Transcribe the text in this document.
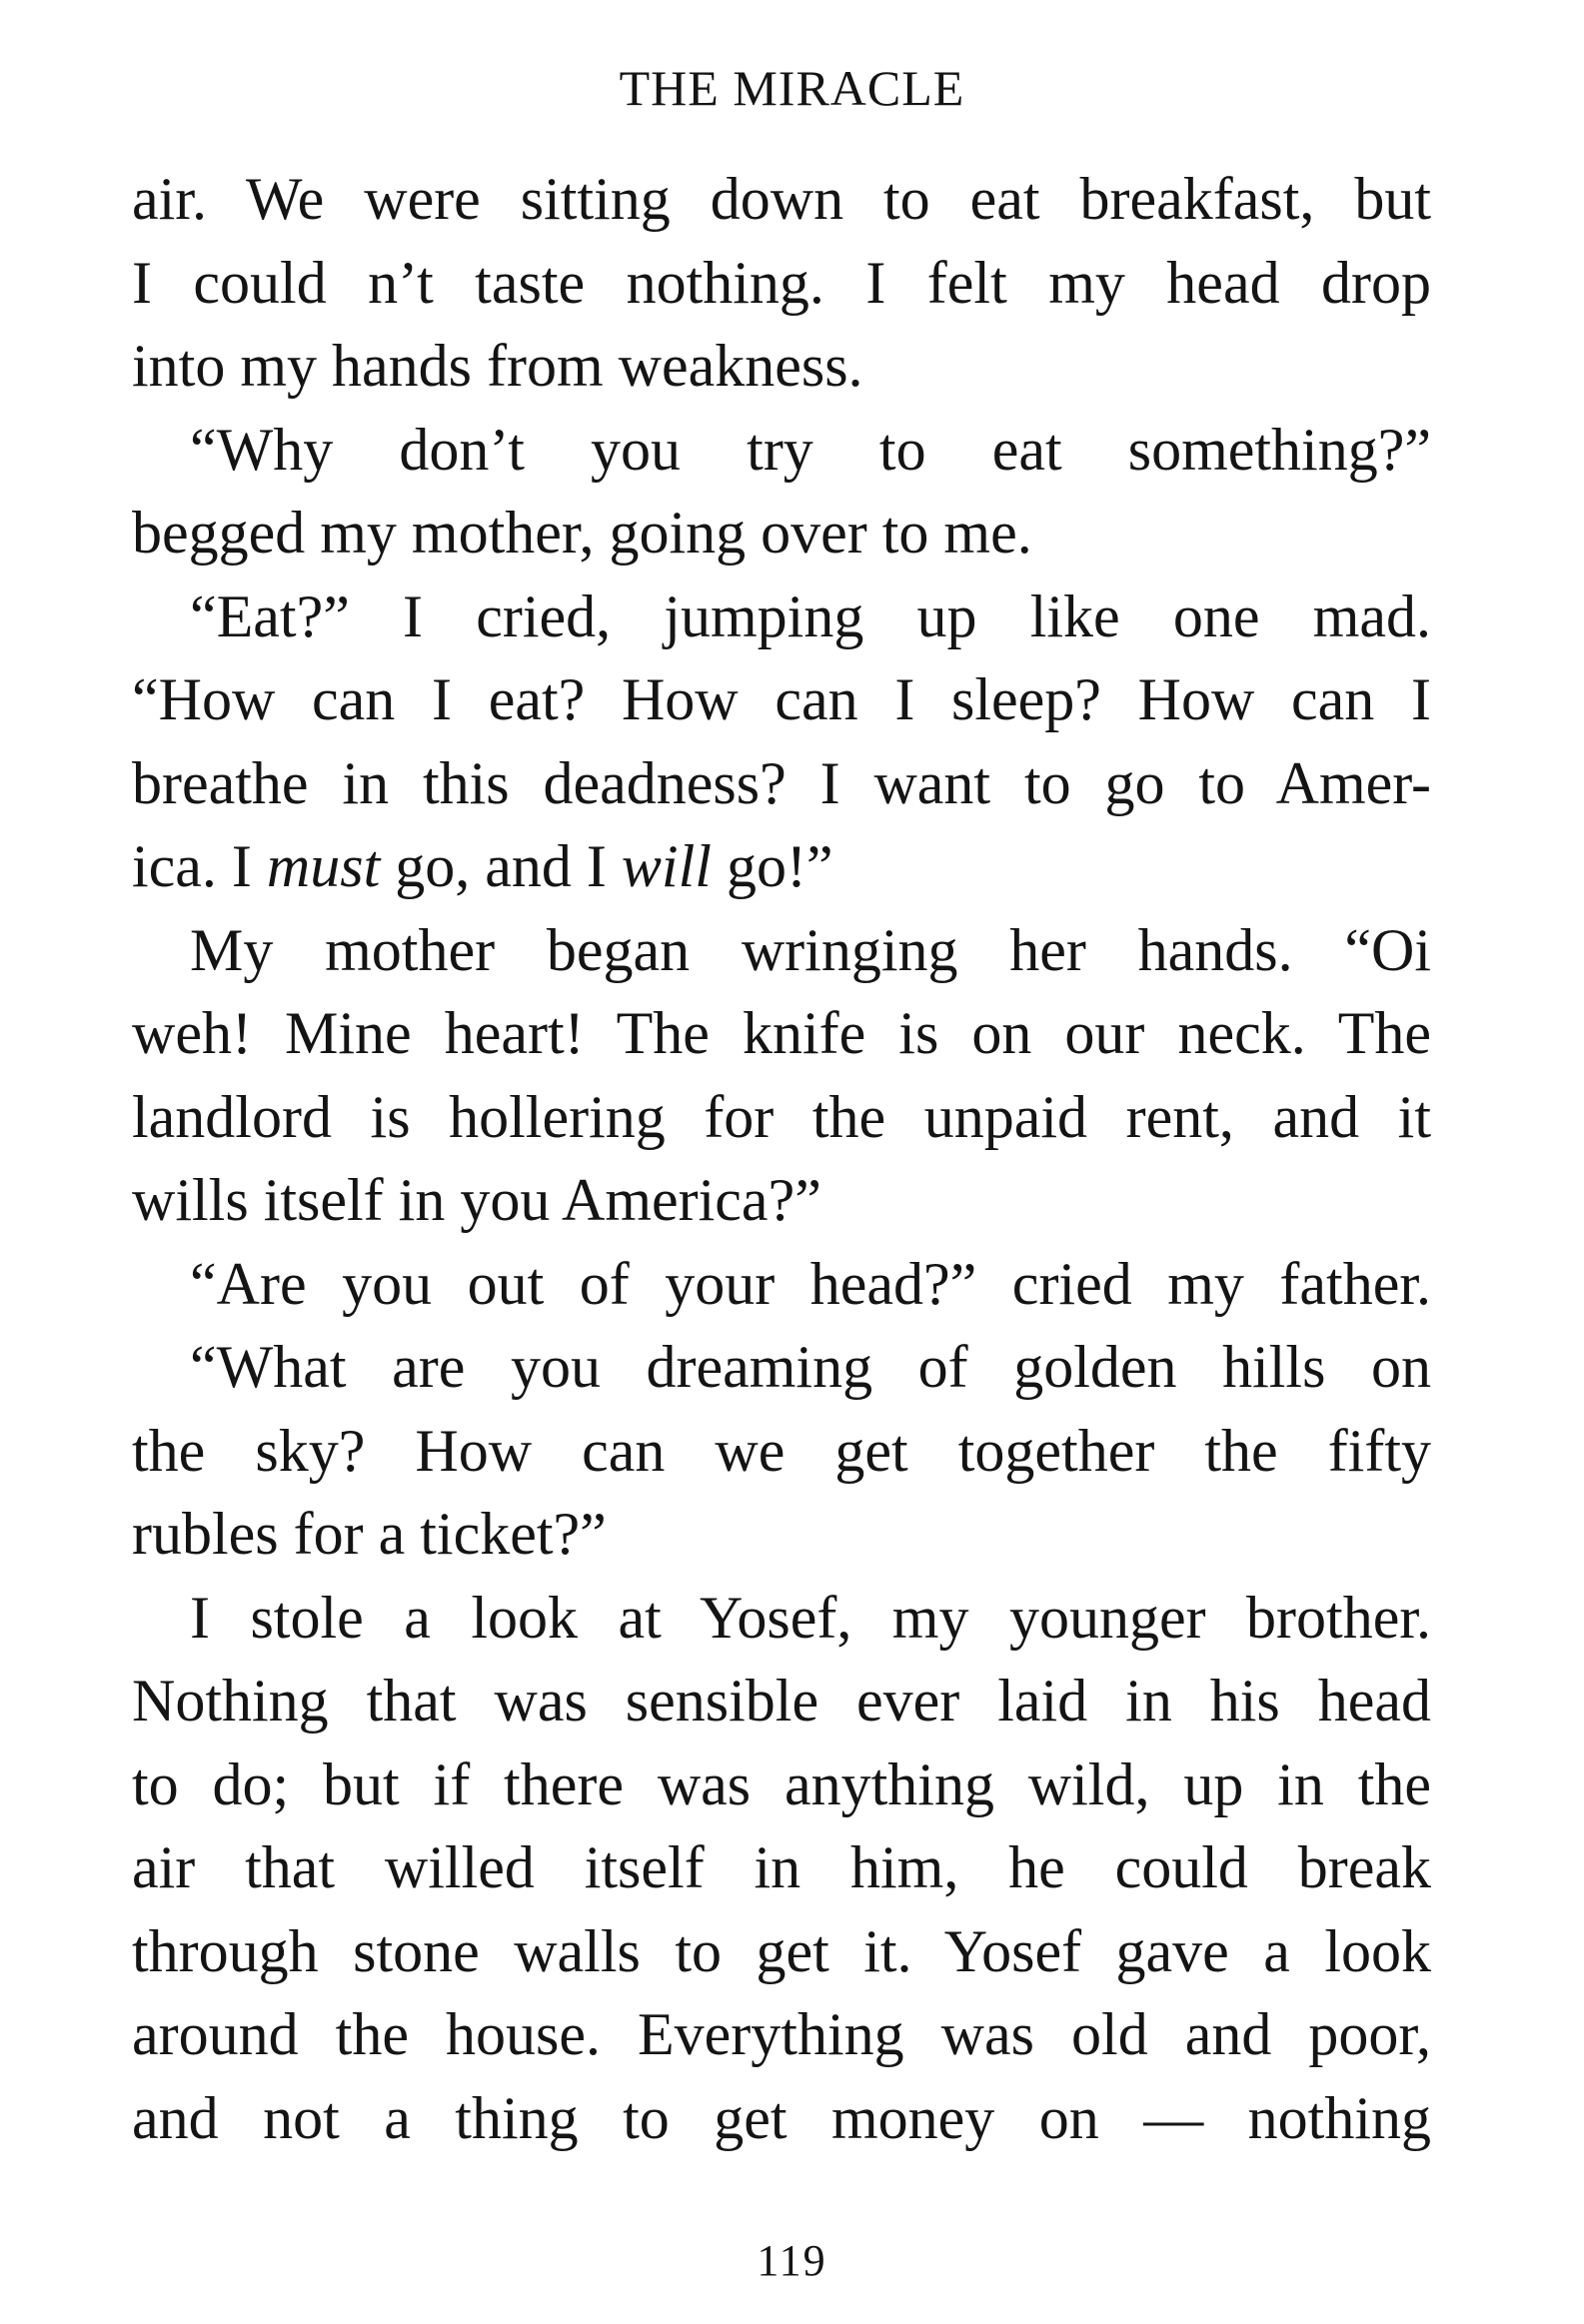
THE MIRACLE
air. We were sitting down to eat breakfast, but
I could n’t taste nothing. I felt my head drop
into my hands from weakness.
“Why don’t you try to eat something?”
begged my mother, going over to me.
“Eat?” I cried, jumping up like one mad.
“How can I eat? How can I sleep? How can I
breathe in this deadness? I want to go to Amer-
ica. I must go, and I will go!”
My mother began wringing her hands. “Oi
weh! Mine heart! The knife is on our neck. The
landlord is hollering for the unpaid rent, and it
wills itself in you America?”
“Are you out of your head?” cried my father.
“What are you dreaming of golden hills on
the sky? How can we get together the fifty
rubles for a ticket?”
I stole a look at Yosef, my younger brother.
Nothing that was sensible ever laid in his head
to do; but if there was anything wild, up in the
air that willed itself in him, he could break
through stone walls to get it. Yosef gave a look
around the house. Everything was old and poor,
and not a thing to get money on — nothing
119
